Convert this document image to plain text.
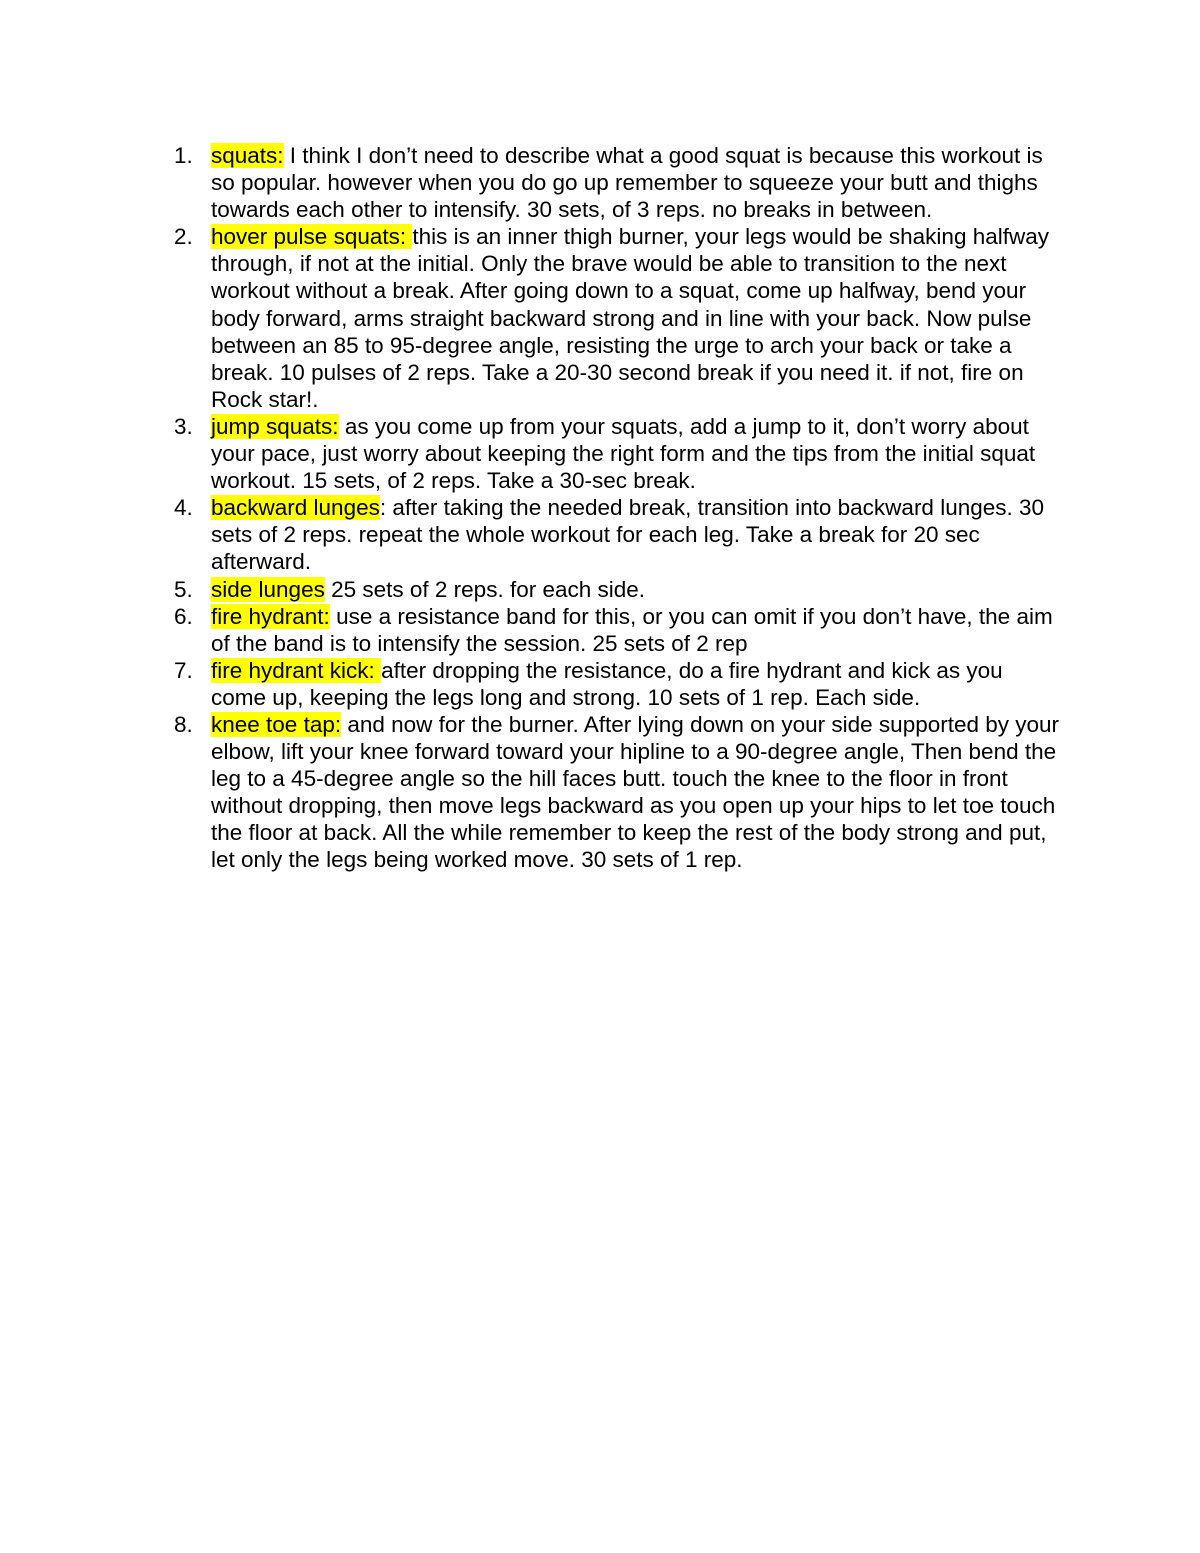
1. squats: I think I don’t need to describe what a good squat is because this workout is so popular. however when you do go up remember to squeeze your butt and thighs towards each other to intensify. 30 sets, of 3 reps. no breaks in between.
2. hover pulse squats: this is an inner thigh burner, your legs would be shaking halfway through, if not at the initial. Only the brave would be able to transition to the next workout without a break. After going down to a squat, come up halfway, bend your body forward, arms straight backward strong and in line with your back. Now pulse between an 85 to 95-degree angle, resisting the urge to arch your back or take a break. 10 pulses of 2 reps. Take a 20-30 second break if you need it. if not, fire on Rock star!.
3. jump squats: as you come up from your squats, add a jump to it, don’t worry about your pace, just worry about keeping the right form and the tips from the initial squat workout. 15 sets, of 2 reps. Take a 30-sec break.
4. backward lunges: after taking the needed break, transition into backward lunges. 30 sets of 2 reps. repeat the whole workout for each leg. Take a break for 20 sec afterward.
5. side lunges 25 sets of 2 reps. for each side.
6. fire hydrant: use a resistance band for this, or you can omit if you don’t have, the aim of the band is to intensify the session. 25 sets of 2 rep
7. fire hydrant kick: after dropping the resistance, do a fire hydrant and kick as you come up, keeping the legs long and strong. 10 sets of 1 rep. Each side.
8. knee toe tap: and now for the burner. After lying down on your side supported by your elbow, lift your knee forward toward your hipline to a 90-degree angle, Then bend the leg to a 45-degree angle so the hill faces butt. touch the knee to the floor in front without dropping, then move legs backward as you open up your hips to let toe touch the floor at back. All the while remember to keep the rest of the body strong and put, let only the legs being worked move. 30 sets of 1 rep.
